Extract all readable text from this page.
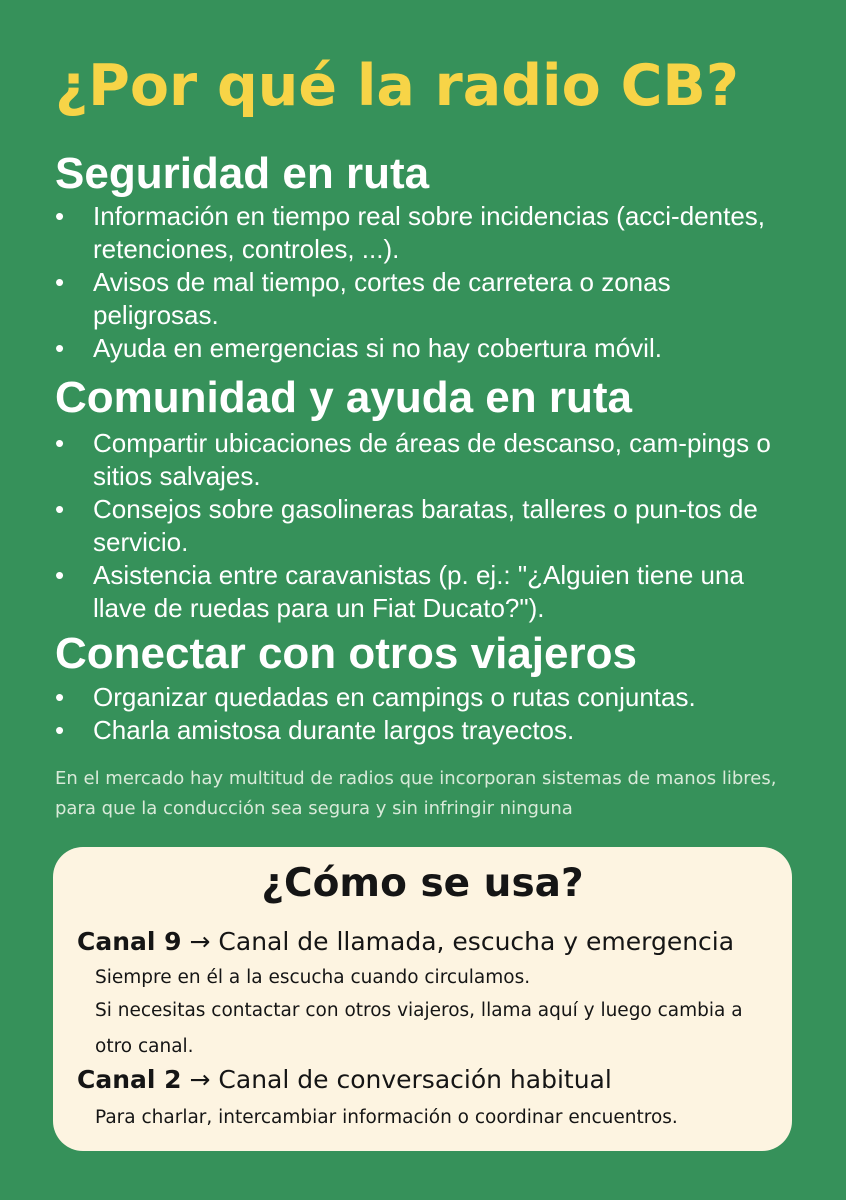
¿Por qué la radio CB?
Seguridad en ruta
•	Información en tiempo real sobre incidencias (acci-dentes, retenciones, controles, ...).
•	Avisos de mal tiempo, cortes de carretera o zonas peligrosas.
•	Ayuda en emergencias si no hay cobertura móvil.
Comunidad y ayuda en ruta
•	Compartir ubicaciones de áreas de descanso, cam-pings o sitios salvajes.
•	Consejos sobre gasolineras baratas, talleres o pun-tos de servicio.
•	Asistencia entre caravanistas (p. ej.: "¿Alguien tiene una llave de ruedas para un Fiat Ducato?").
Conectar con otros viajeros
•	Organizar quedadas en campings o rutas conjuntas.
•	Charla amistosa durante largos trayectos.

En el mercado hay multitud de radios que incorporan sistemas de manos libres, para que la conducción sea segura y sin infringir ninguna

¿Cómo se usa?
Canal 9 → Canal de llamada, escucha y emergencia

Siempre en él a la escucha cuando circulamos.

Si necesitas contactar con otros viajeros, llama aquí y luego cambia a otro canal.

Canal 2 → Canal de conversación habitual

Para charlar, intercambiar información o coordinar encuentros.
